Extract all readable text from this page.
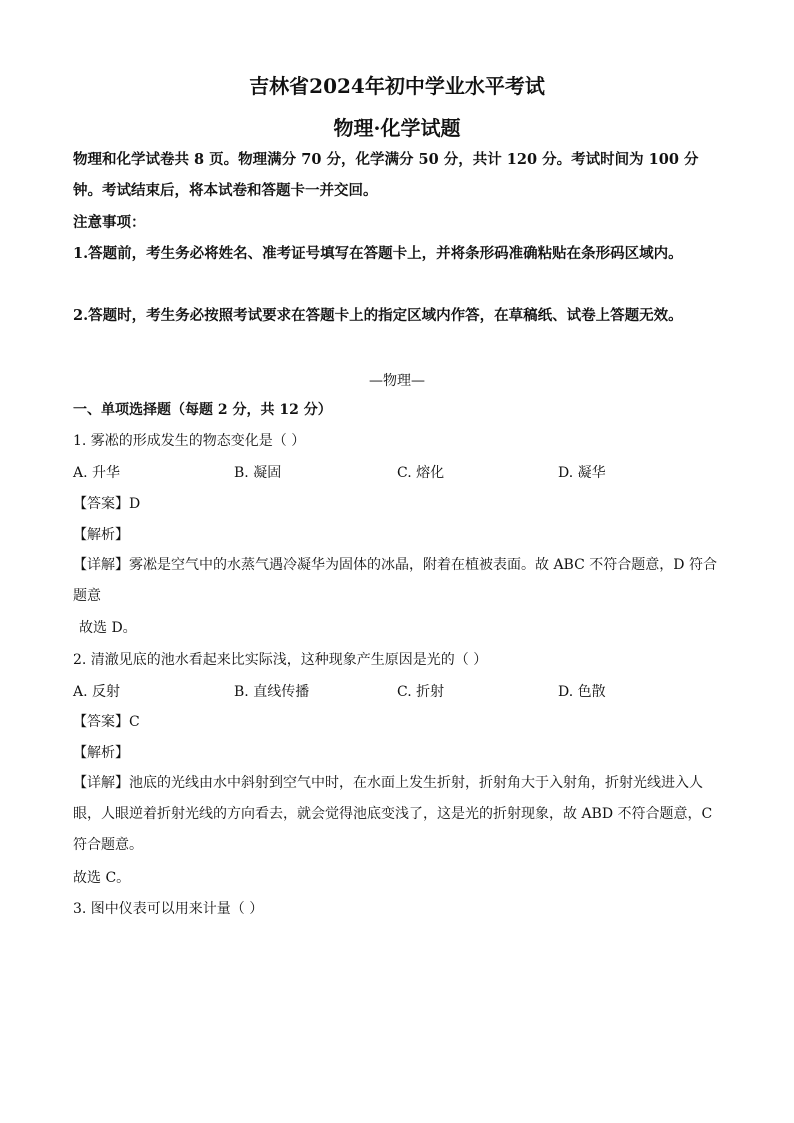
吉林省2024年初中学业水平考试
物理·化学试题
物理和化学试卷共 8 页。物理满分 70 分，化学满分 50 分，共计 120 分。考试时间为 100 分钟。考试结束后，将本试卷和答题卡一并交回。
注意事项：
1.答题前，考生务必将姓名、准考证号填写在答题卡上，并将条形码准确粘贴在条形码区域内。
2.答题时，考生务必按照考试要求在答题卡上的指定区域内作答，在草稿纸、试卷上答题无效。
—物理—
一、单项选择题（每题 2 分，共 12 分）
1. 雾凇的形成发生的物态变化是（ ）
A. 升华	B. 凝固	C. 熔化	D. 凝华
【答案】D
【解析】
【详解】雾凇是空气中的水蒸气遇冷凝华为固体的冰晶，附着在植被表面。故 ABC 不符合题意，D 符合题意
故选 D。
2. 清澈见底的池水看起来比实际浅，这种现象产生原因是光的（ ）
A. 反射	B. 直线传播	C. 折射	D. 色散
【答案】C
【解析】
【详解】池底的光线由水中斜射到空气中时，在水面上发生折射，折射角大于入射角，折射光线进入人眼，人眼逆着折射光线的方向看去，就会觉得池底变浅了，这是光的折射现象，故 ABD 不符合题意，C 符合题意。
故选 C。
3. 图中仪表可以用来计量（ ）
